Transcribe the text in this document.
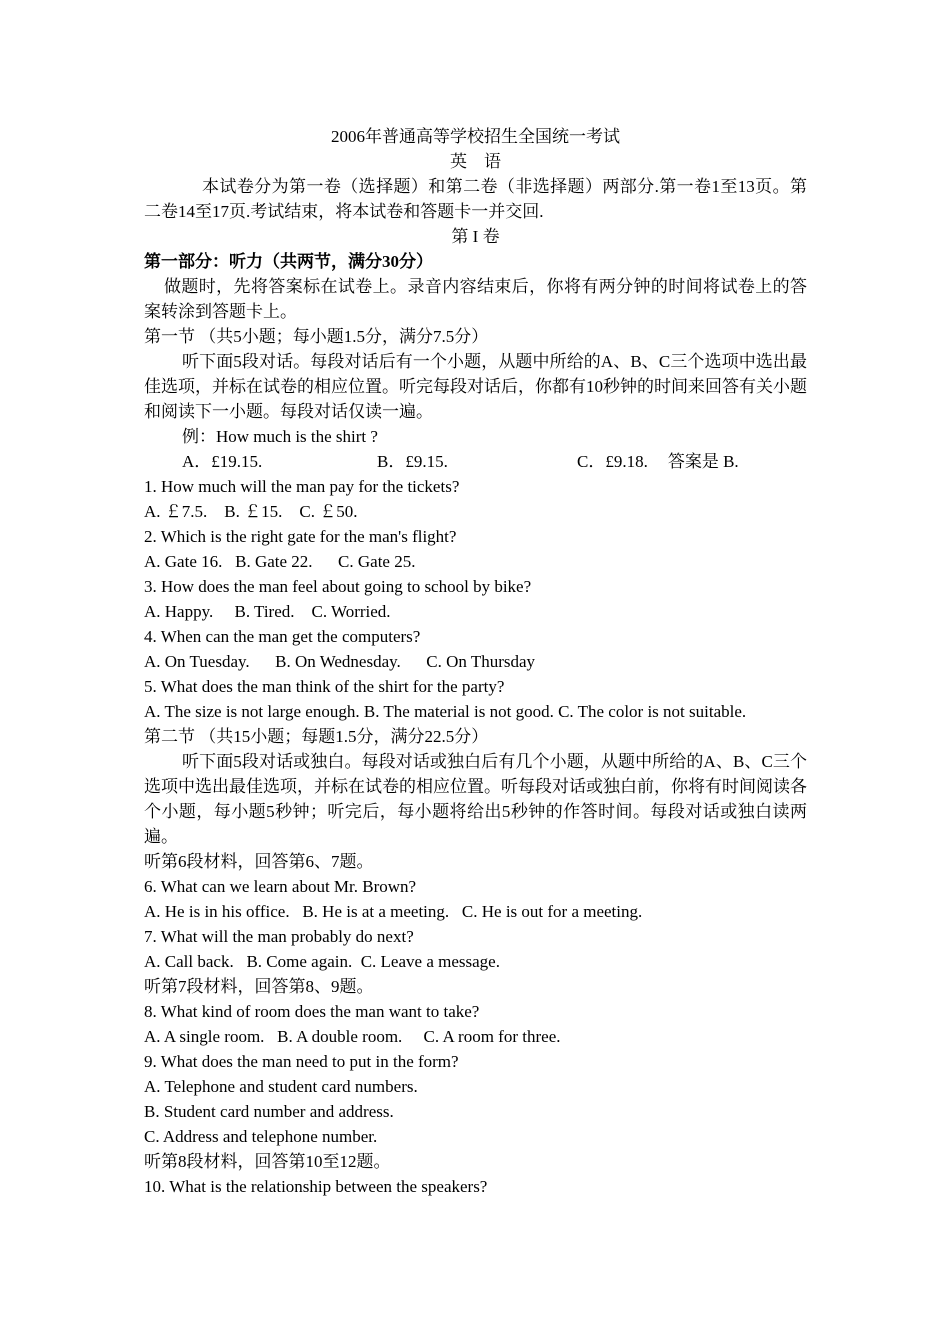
2006年普通高等学校招生全国统一考试
英　语
本试卷分为第一卷（选择题）和第二卷（非选择题）两部分.第一卷1至13页。第二卷14至17页.考试结束，将本试卷和答题卡一并交回.
第 I 卷
第一部分：听力（共两节，满分30分）
做题时，先将答案标在试卷上。录音内容结束后，你将有两分钟的时间将试卷上的答案转涂到答题卡上。
第一节 （共5小题；每小题1.5分，满分7.5分）
听下面5段对话。每段对话后有一个小题，从题中所给的A、B、C三个选项中选出最佳选项，并标在试卷的相应位置。听完每段对话后，你都有10秒钟的时间来回答有关小题和阅读下一小题。每段对话仅读一遍。
例：How much is the shirt ?
A．£19.15.	B．£9.15.	C．£9.18. 答案是 B.
1. How much will the man pay for the tickets?
A. ￡7.5.    B. ￡15.    C. ￡50.
2. Which is the right gate for the man's flight?
A. Gate 16.   B. Gate 22.      C. Gate 25.
3. How does the man feel about going to school by bike?
A. Happy.     B. Tired.    C. Worried.
4. When can the man get the computers?
A. On Tuesday.      B. On Wednesday.      C. On Thursday
5. What does the man think of the shirt for the party?
A. The size is not large enough. B. The material is not good. C. The color is not suitable.
第二节 （共15小题；每题1.5分，满分22.5分）
听下面5段对话或独白。每段对话或独白后有几个小题，从题中所给的A、B、C三个选项中选出最佳选项，并标在试卷的相应位置。听每段对话或独白前，你将有时间阅读各个小题，每小题5秒钟；听完后，每小题将给出5秒钟的作答时间。每段对话或独白读两遍。
听第6段材料，回答第6、7题。
6. What can we learn about Mr. Brown?
A. He is in his office.   B. He is at a meeting.   C. He is out for a meeting.
7. What will the man probably do next?
A. Call back.   B. Come again.  C. Leave a message.
听第7段材料，回答第8、9题。
8. What kind of room does the man want to take?
A. A single room.   B. A double room.     C. A room for three.
9. What does the man need to put in the form?
A. Telephone and student card numbers.
B. Student card number and address.
C. Address and telephone number.
听第8段材料，回答第10至12题。
10. What is the relationship between the speakers?
